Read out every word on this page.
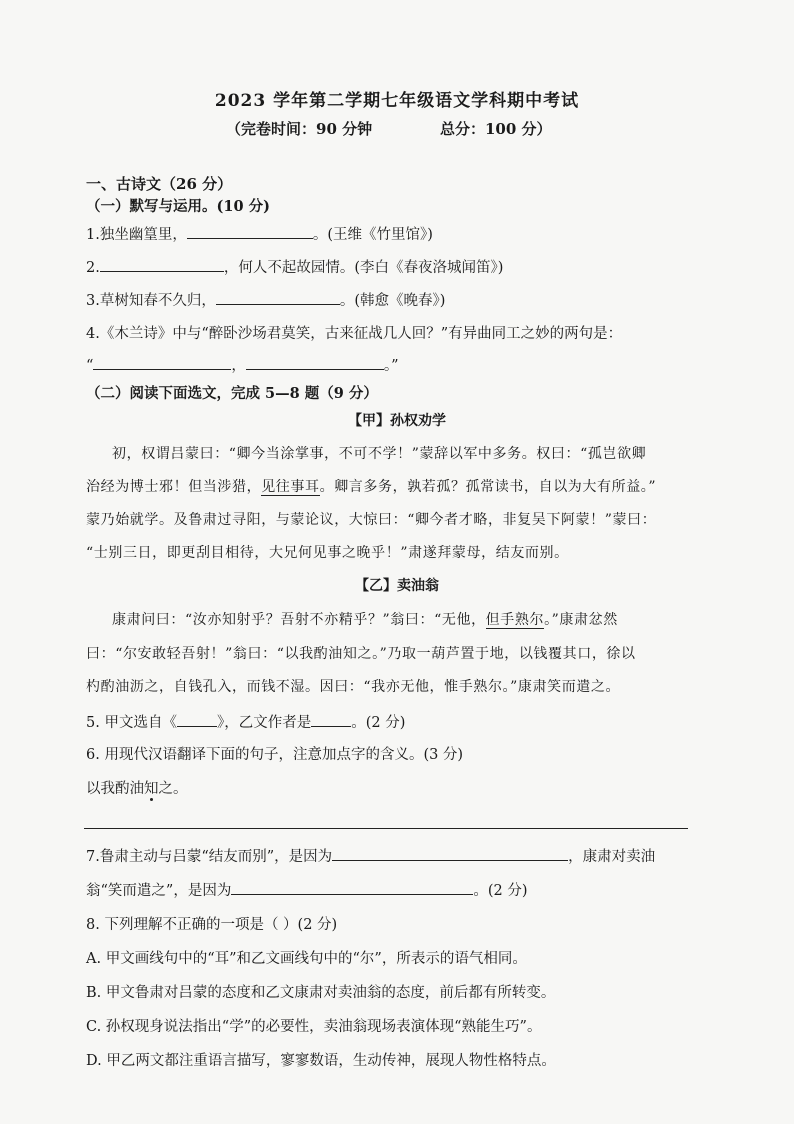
2023 学年第二学期七年级语文学科期中考试
（完卷时间：90 分钟	总分：100 分）
一、古诗文（26 分）
（一）默写与运用。(10 分)
1.独坐幽篁里，	。(王维《竹里馆》)
2.	，何人不起故园情。(李白《春夜洛城闻笛》)
3.草树知春不久归，	。(韩愈《晚春》)
4.《木兰诗》中与“醉卧沙场君莫笑，古来征战几人回？”有异曲同工之妙的两句是：
“	，	。”
（二）阅读下面选文，完成 5—8 题（9 分）
【甲】孙权劝学
初，权谓吕蒙曰：“卿今当涂掌事，不可不学！”蒙辞以军中多务。权曰：“孤岂欲卿
治经为博士邪！但当涉猎，见往事耳。卿言多务，孰若孤？孤常读书，自以为大有所益。”
蒙乃始就学。及鲁肃过寻阳，与蒙论议，大惊曰：“卿今者才略，非复吴下阿蒙！”蒙曰：
“士别三日，即更刮目相待，大兄何见事之晚乎！”肃遂拜蒙母，结友而别。
【乙】卖油翁
康肃问曰：“汝亦知射乎？吾射不亦精乎？”翁曰：“无他，但手熟尔。”康肃忿然
曰：“尔安敢轻吾射！”翁曰：“以我酌油知之。”乃取一葫芦置于地，以钱覆其口，徐以
杓酌油沥之，自钱孔入，而钱不湿。因曰：“我亦无他，惟手熟尔。”康肃笑而遣之。
5. 甲文选自《	》，乙文作者是	。(2 分)
6. 用现代汉语翻译下面的句子，注意加点字的含义。(3 分)
以我酌油知之。
7.鲁肃主动与吕蒙“结友而别”，是因为	，康肃对卖油
翁“笑而遣之”，是因为	。(2 分)
8. 下列理解不正确的一项是（ ）(2 分)
A. 甲文画线句中的“耳”和乙文画线句中的“尔”，所表示的语气相同。
B. 甲文鲁肃对吕蒙的态度和乙文康肃对卖油翁的态度，前后都有所转变。
C. 孙权现身说法指出“学”的必要性，卖油翁现场表演体现“熟能生巧”。
D. 甲乙两文都注重语言描写，寥寥数语，生动传神，展现人物性格特点。
